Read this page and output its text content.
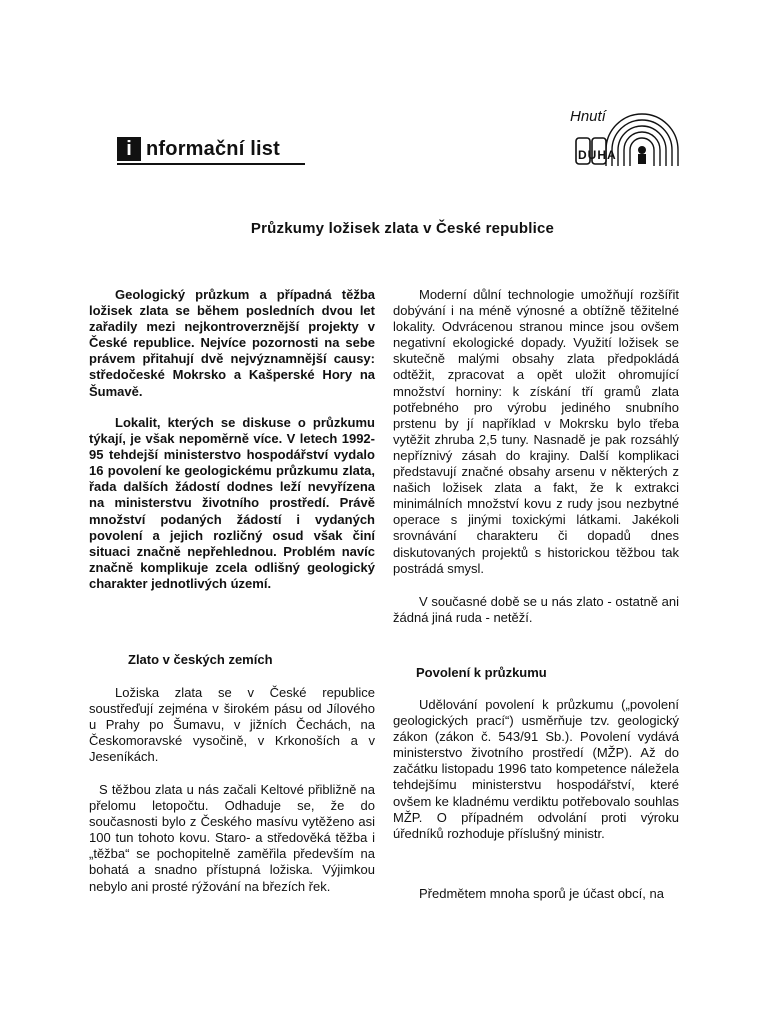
i nformační list
Hnutí
DUHA
Průzkumy ložisek zlata v České republice

Geologický průzkum a případná těžba ložisek zlata se během posledních dvou let zařadily mezi nejkontroverznější projekty v České republice. Nejvíce pozornosti na sebe právem přitahují dvě nejvýznamnější causy: středočeské Mokrsko a Kašperské Hory na Šumavě.

Lokalit, kterých se diskuse o průzkumu týkají, je však nepoměrně více. V letech 1992-95 tehdejší ministerstvo hospodářství vydalo 16 povolení ke geologickému průzkumu zlata, řada dalších žádostí dodnes leží nevyřízena na ministerstvu životního prostředí. Právě množství podaných žádostí i vydaných povolení a jejich rozličný osud však činí situaci značně nepřehlednou. Problém navíc značně komplikuje zcela odlišný geologický charakter jednotlivých území.

Zlato v českých zemích

Ložiska zlata se v České republice soustřeďují zejména v širokém pásu od Jílového u Prahy po Šumavu, v jižních Čechách, na Českomoravské vysočině, v Krkonoších a v Jeseníkách.

S těžbou zlata u nás začali Keltové přibližně na přelomu letopočtu. Odhaduje se, že do současnosti bylo z Českého masívu vytěženo asi 100 tun tohoto kovu. Staro- a středověká těžba i „těžba“ se pochopitelně zaměřila především na bohatá a snadno přístupná ložiska. Výjimkou nebylo ani prosté rýžování na březích řek.

Moderní důlní technologie umožňují rozšířit dobývání i na méně výnosné a obtížně těžitelné lokality. Odvrácenou stranou mince jsou ovšem negativní ekologické dopady. Využití ložisek se skutečně malými obsahy zlata předpokládá odtěžit, zpracovat a opět uložit ohromující množství horniny: k získání tří gramů zlata potřebného pro výrobu jediného snubního prstenu by jí například v Mokrsku bylo třeba vytěžit zhruba 2,5 tuny. Nasnadě je pak rozsáhlý nepříznivý zásah do krajiny. Další komplikaci představují značné obsahy arsenu v některých z našich ložisek zlata a fakt, že k extrakci minimálních množství kovu z rudy jsou nezbytné operace s jinými toxickými látkami. Jakékoli srovnávání charakteru či dopadů dnes diskutovaných projektů s historickou těžbou tak postrádá smysl.

V současné době se u nás zlato - ostatně ani žádná jiná ruda - netěží.

Povolení k průzkumu

Udělování povolení k průzkumu („povolení geologických prací“) usměrňuje tzv. geologický zákon (zákon č. 543/91 Sb.). Povolení vydává ministerstvo životního prostředí (MŽP). Až do začátku listopadu 1996 tato kompetence náležela tehdejšímu ministerstvu hospodářství, které ovšem ke kladnému verdiktu potřebovalo souhlas MŽP. O případném odvolání proti výroku úředníků rozhoduje příslušný ministr.

Předmětem mnoha sporů je účast obcí, na
